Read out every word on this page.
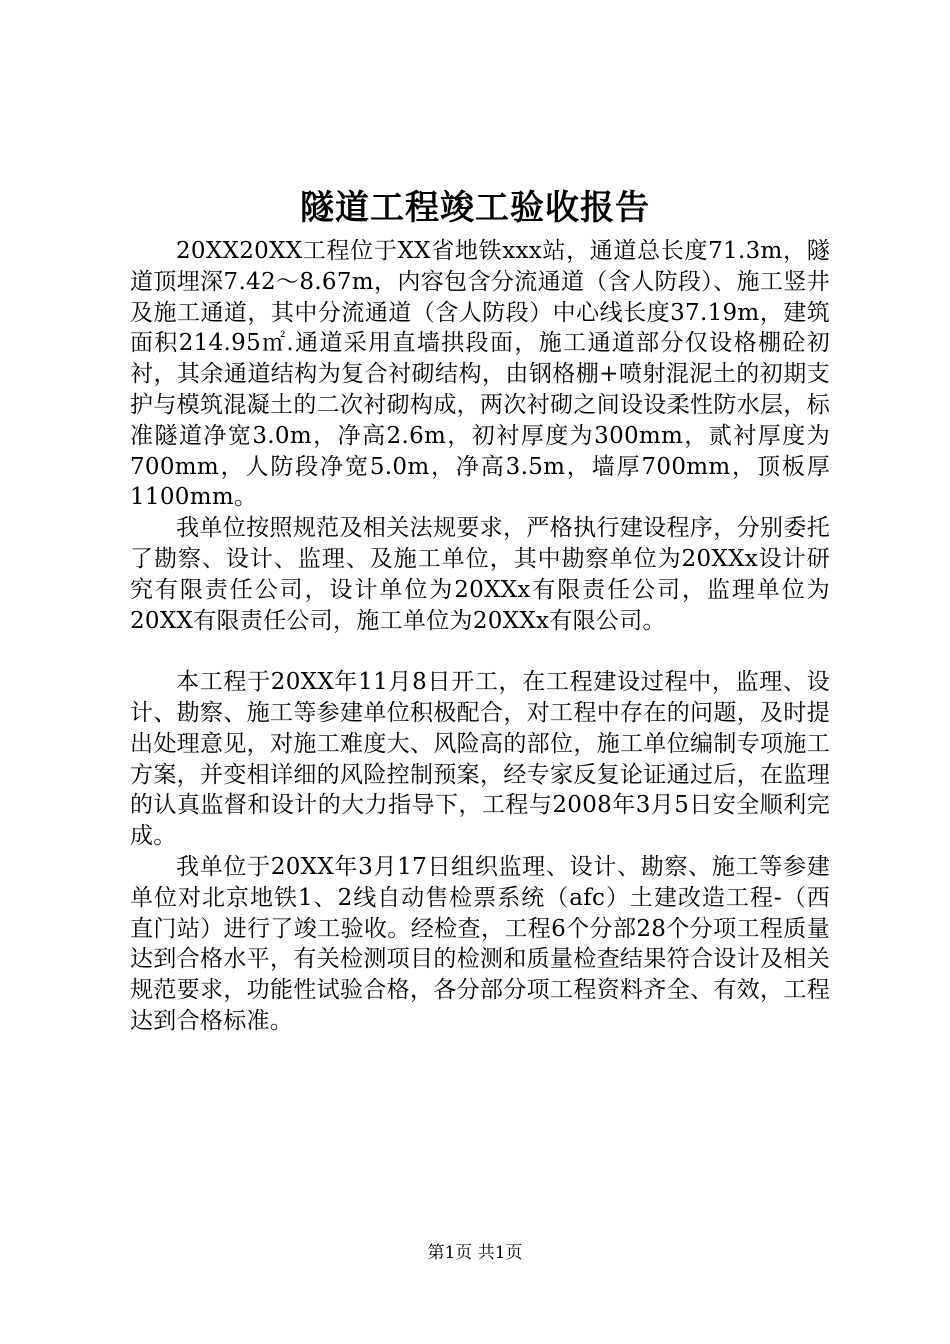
隧道工程竣工验收报告

20XX20XX工程位于XX省地铁xxx站，通道总长度71.3m，隧道顶埋深7.42～8.67m，内容包含分流通道（含人防段）、施工竖井及施工通道，其中分流通道（含人防段）中心线长度37.19m，建筑面积214.95㎡.通道采用直墙拱段面，施工通道部分仅设格棚砼初衬，其余通道结构为复合衬砌结构，由钢格棚+喷射混泥土的初期支护与模筑混凝土的二次衬砌构成，两次衬砌之间设设柔性防水层，标准隧道净宽3.0m，净高2.6m，初衬厚度为300mm，贰衬厚度为700mm，人防段净宽5.0m，净高3.5m，墙厚700mm，顶板厚1100mm。

我单位按照规范及相关法规要求，严格执行建设程序，分别委托了勘察、设计、监理、及施工单位，其中勘察单位为20XXx设计研究有限责任公司，设计单位为20XXx有限责任公司，监理单位为20XX有限责任公司，施工单位为20XXx有限公司。

本工程于20XX年11月8日开工，在工程建设过程中，监理、设计、勘察、施工等参建单位积极配合，对工程中存在的问题，及时提出处理意见，对施工难度大、风险高的部位，施工单位编制专项施工方案，并变相详细的风险控制预案，经专家反复论证通过后，在监理的认真监督和设计的大力指导下，工程与2008年3月5日安全顺利完成。

我单位于20XX年3月17日组织监理、设计、勘察、施工等参建单位对北京地铁1、2线自动售检票系统（afc）土建改造工程-（西直门站）进行了竣工验收。经检查，工程6个分部28个分项工程质量达到合格水平，有关检测项目的检测和质量检查结果符合设计及相关规范要求，功能性试验合格，各分部分项工程资料齐全、有效，工程达到合格标准。

第1页 共1页
